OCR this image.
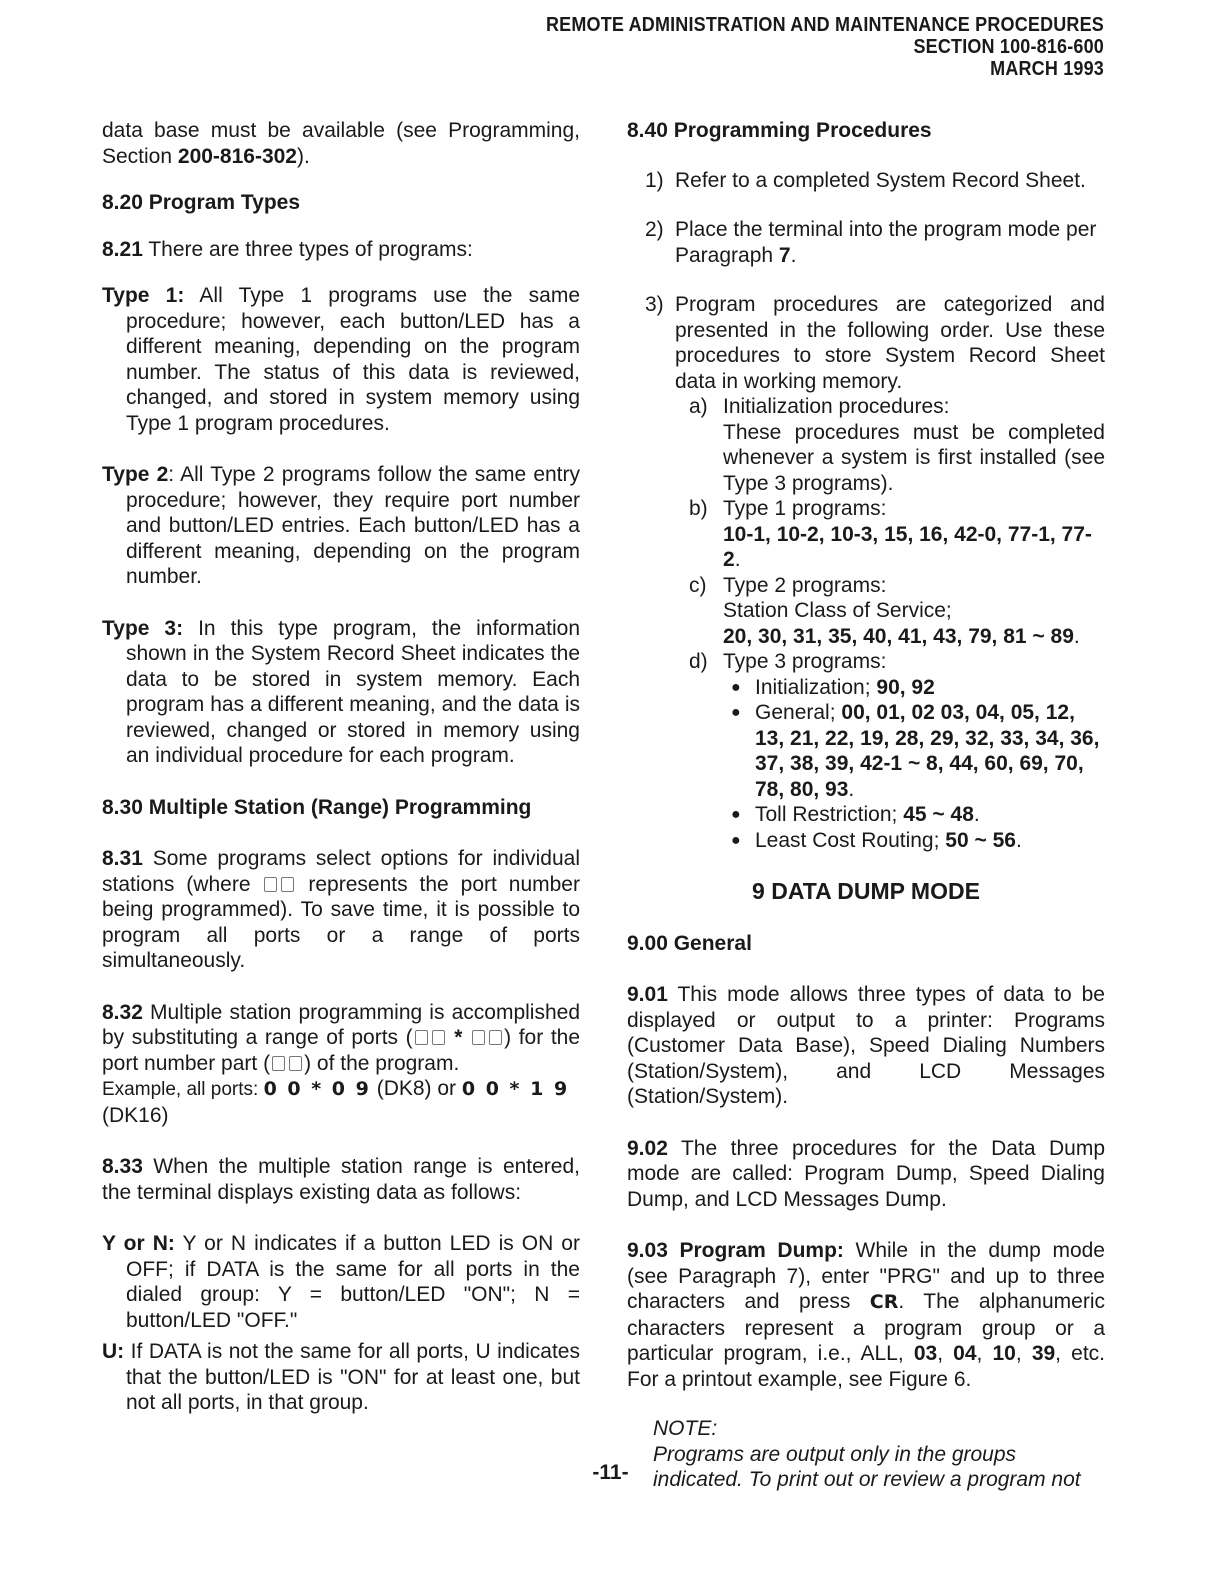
REMOTE ADMINISTRATION AND MAINTENANCE PROCEDURES
SECTION 100-816-600
MARCH 1993

data base must be available (see Programming, Section 200-816-302).

8.20 Program Types

8.21 There are three types of programs:

Type 1: All Type 1 programs use the same procedure; however, each button/LED has a different meaning, depending on the program number. The status of this data is reviewed, changed, and stored in system memory using Type 1 program procedures.

Type 2: All Type 2 programs follow the same entry procedure; however, they require port number and button/LED entries. Each button/LED has a different meaning, depending on the program number.

Type 3: In this type program, the information shown in the System Record Sheet indicates the data to be stored in system memory. Each program has a different meaning, and the data is reviewed, changed or stored in memory using an individual procedure for each program.

8.30 Multiple Station (Range) Programming

8.31 Some programs select options for individual stations (where	represents the port number being programmed). To save time, it is possible to program all ports or a range of ports simultaneously.

8.32 Multiple station programming is accomplished by substituting a range of ports ( * ) for the port number part ( ) of the program.

Example, all ports: 0 0 * 0 9 (DK8) or 0 0 * 1 9
(DK16)

8.33 When the multiple station range is entered, the terminal displays existing data as follows:

Y or N: Y or N indicates if a button LED is ON or OFF; if DATA is the same for all ports in the dialed group: Y = button/LED "ON"; N = button/LED "OFF."

U: If DATA is not the same for all ports, U indicates that the button/LED is "ON" for at least one, but not all ports, in that group.

8.40 Programming Procedures

1) Refer to a completed System Record Sheet.
2) Place the terminal into the program mode per Paragraph 7.
3) Program procedures are categorized and presented in the following order. Use these procedures to store System Record Sheet data in working memory.

a) Initialization procedures:

These procedures must be completed whenever a system is first installed (see Type 3 programs).
b) Type 1 programs:
10-1, 10-2, 10-3, 15, 16, 42-0, 77-1, 77-2.
c) Type 2 programs:
Station Class of Service;
20, 30, 31, 35, 40, 41, 43, 79, 81 ~ 89.
d) Type 3 programs:
● Initialization; 90, 92
● General; 00, 01, 02 03, 04, 05, 12, 13, 21, 22, 19, 28, 29, 32, 33, 34, 36, 37, 38, 39, 42-1 ~ 8, 44, 60, 69, 70, 78, 80, 93.
● Toll Restriction; 45 ~ 48.
● Least Cost Routing; 50 ~ 56.

9 DATA DUMP MODE

9.00 General

9.01 This mode allows three types of data to be displayed or output to a printer: Programs (Customer Data Base), Speed Dialing Numbers (Station/System), and LCD Messages (Station/System).

9.02 The three procedures for the Data Dump mode are called: Program Dump, Speed Dialing Dump, and LCD Messages Dump.

9.03 Program Dump: While in the dump mode (see Paragraph 7), enter "PRG" and up to three characters and press CR. The alphanumeric characters represent a program group or a particular program, i.e., ALL, 03, 04, 10, 39, etc. For a printout example, see Figure 6.

NOTE:

Programs are output only in the groups indicated. To print out or review a program not

-11-
